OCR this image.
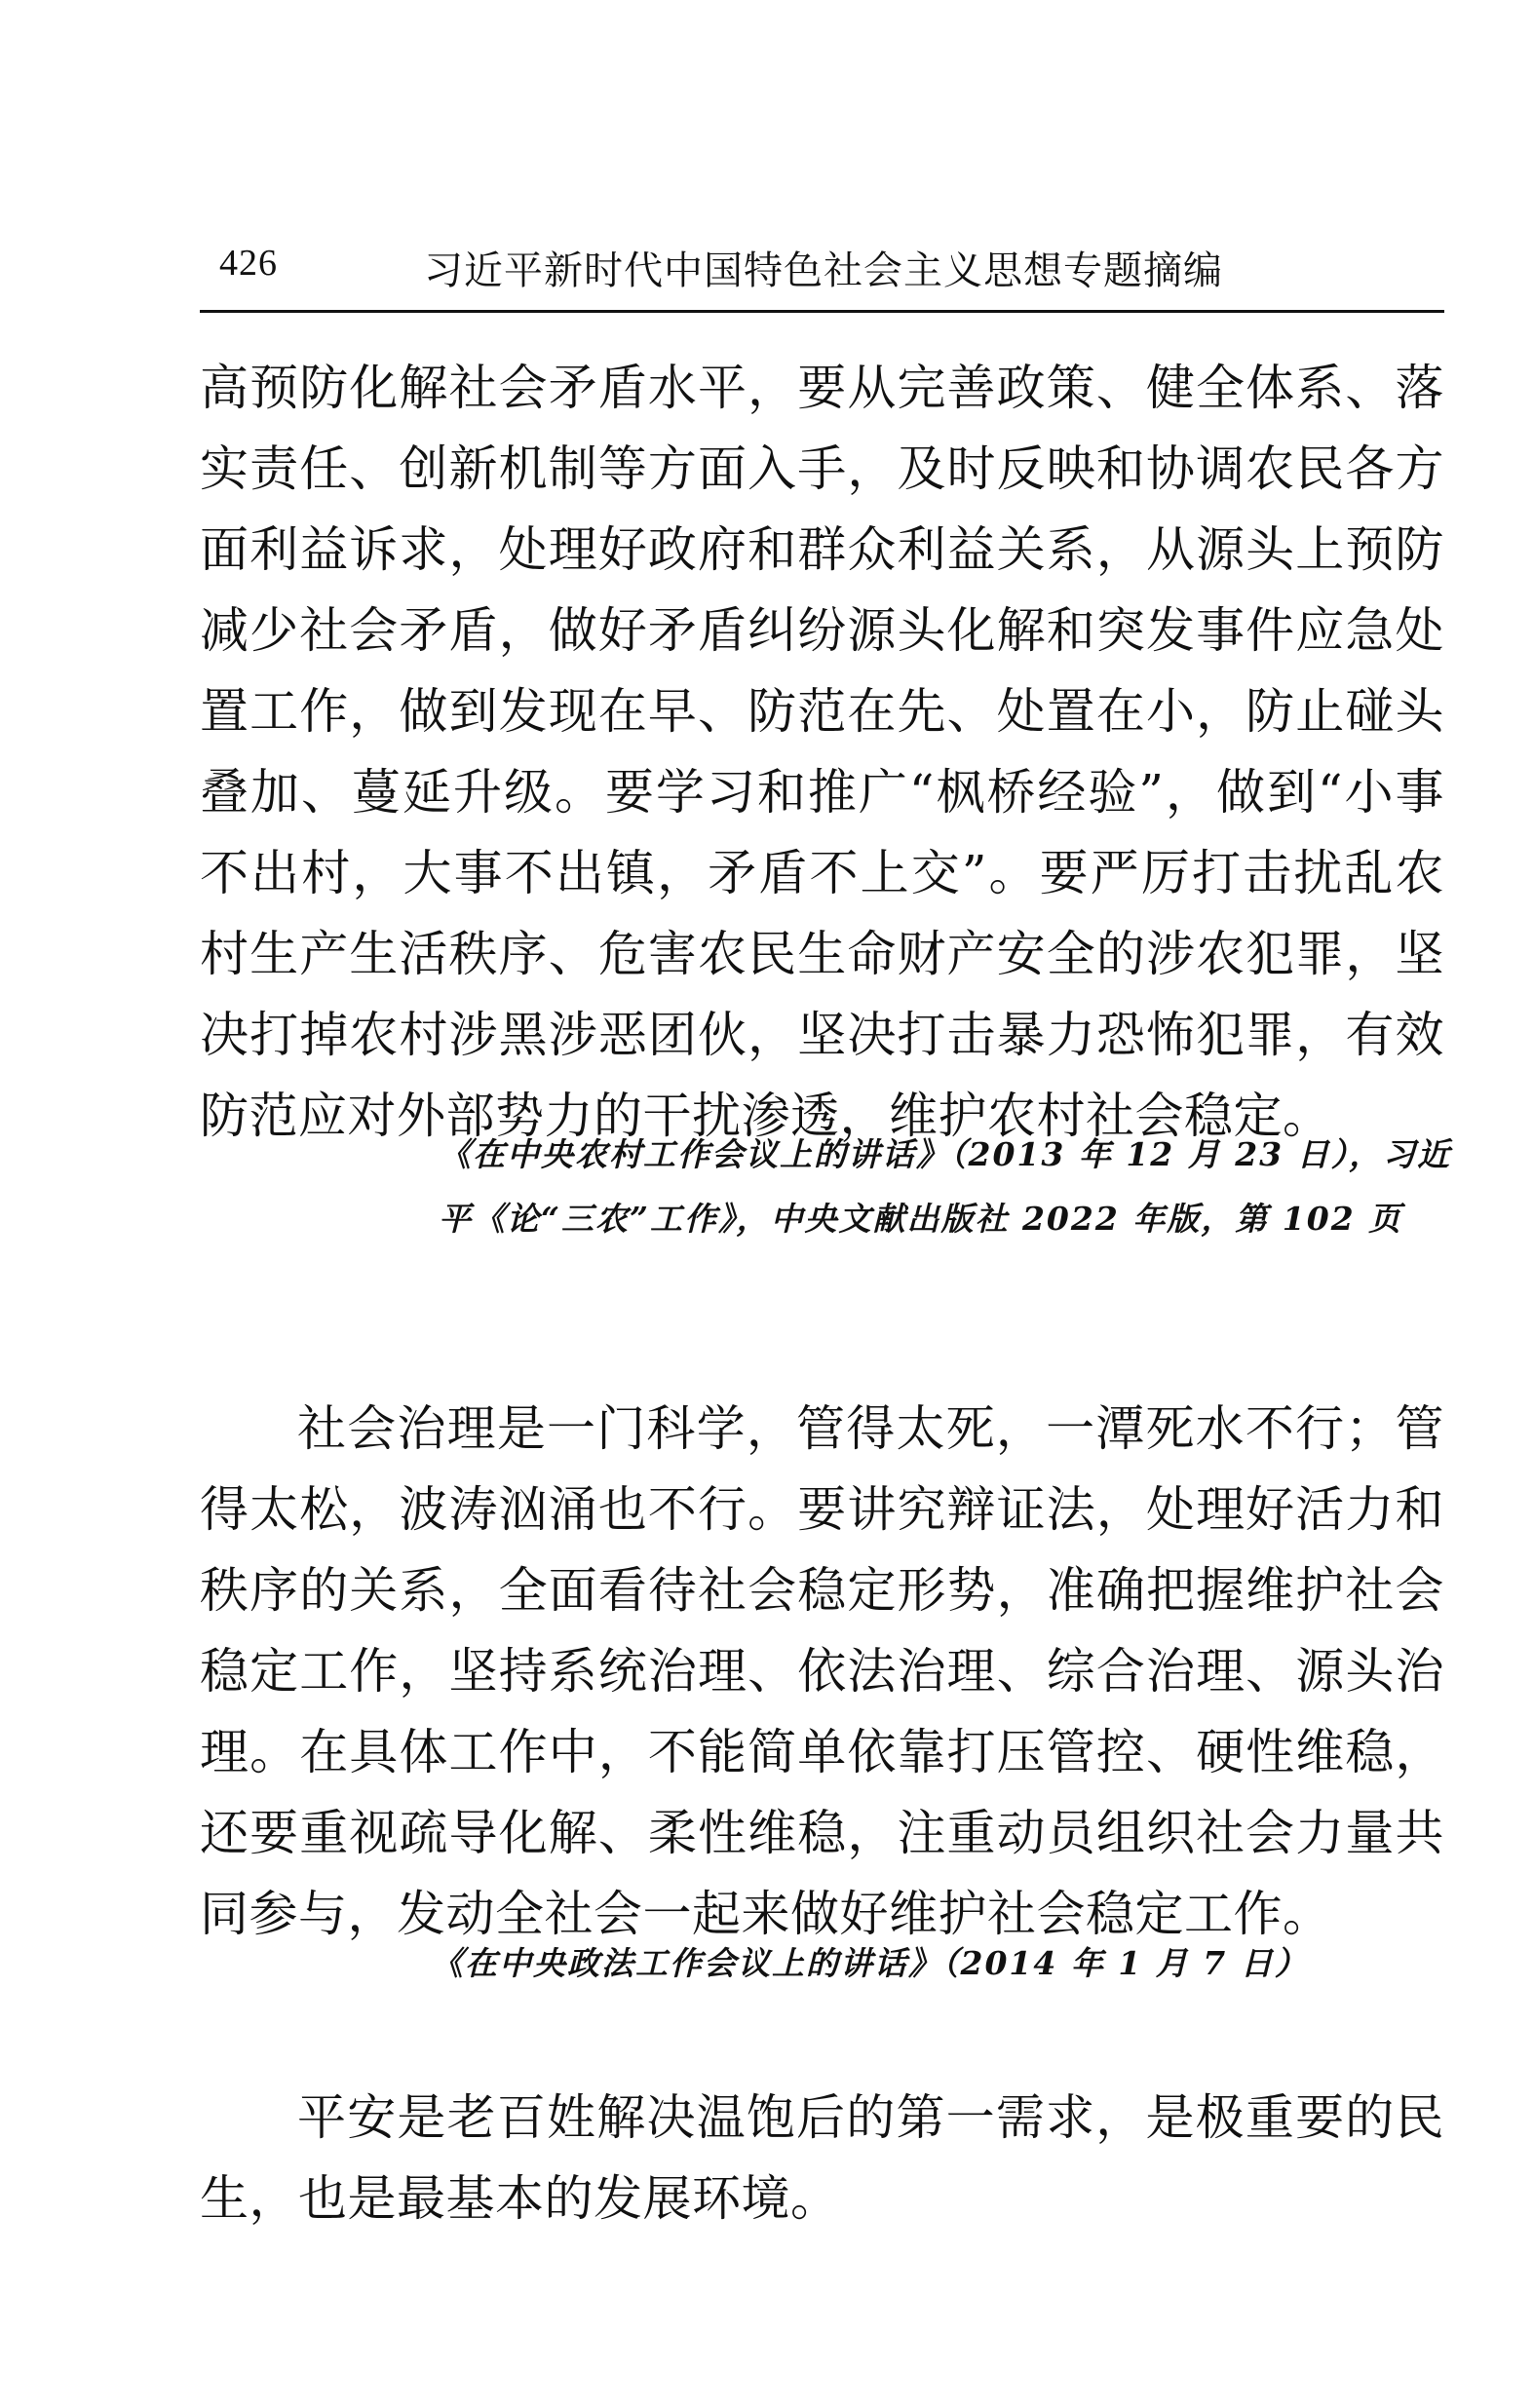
426	习近平新时代中国特色社会主义思想专题摘编

高预防化解社会矛盾水平，要从完善政策、健全体系、落实责任、创新机制等方面入手，及时反映和协调农民各方面利益诉求，处理好政府和群众利益关系，从源头上预防减少社会矛盾，做好矛盾纠纷源头化解和突发事件应急处置工作，做到发现在早、防范在先、处置在小，防止碰头叠加、蔓延升级。要学习和推广“枫桥经验”，做到“小事不出村，大事不出镇，矛盾不上交”。要严厉打击扰乱农村生产生活秩序、危害农民生命财产安全的涉农犯罪，坚决打掉农村涉黑涉恶团伙，坚决打击暴力恐怖犯罪，有效防范应对外部势力的干扰渗透，维护农村社会稳定。

《在中央农村工作会议上的讲话》（2013 年 12 月 23 日），习近平《论“三农”工作》，中央文献出版社 2022 年版，第 102 页

社会治理是一门科学，管得太死，一潭死水不行；管得太松，波涛汹涌也不行。要讲究辩证法，处理好活力和秩序的关系，全面看待社会稳定形势，准确把握维护社会稳定工作，坚持系统治理、依法治理、综合治理、源头治理。在具体工作中，不能简单依靠打压管控、硬性维稳，还要重视疏导化解、柔性维稳，注重动员组织社会力量共同参与，发动全社会一起来做好维护社会稳定工作。

《在中央政法工作会议上的讲话》（2014 年 1 月 7 日）

平安是老百姓解决温饱后的第一需求，是极重要的民生，也是最基本的发展环境。
